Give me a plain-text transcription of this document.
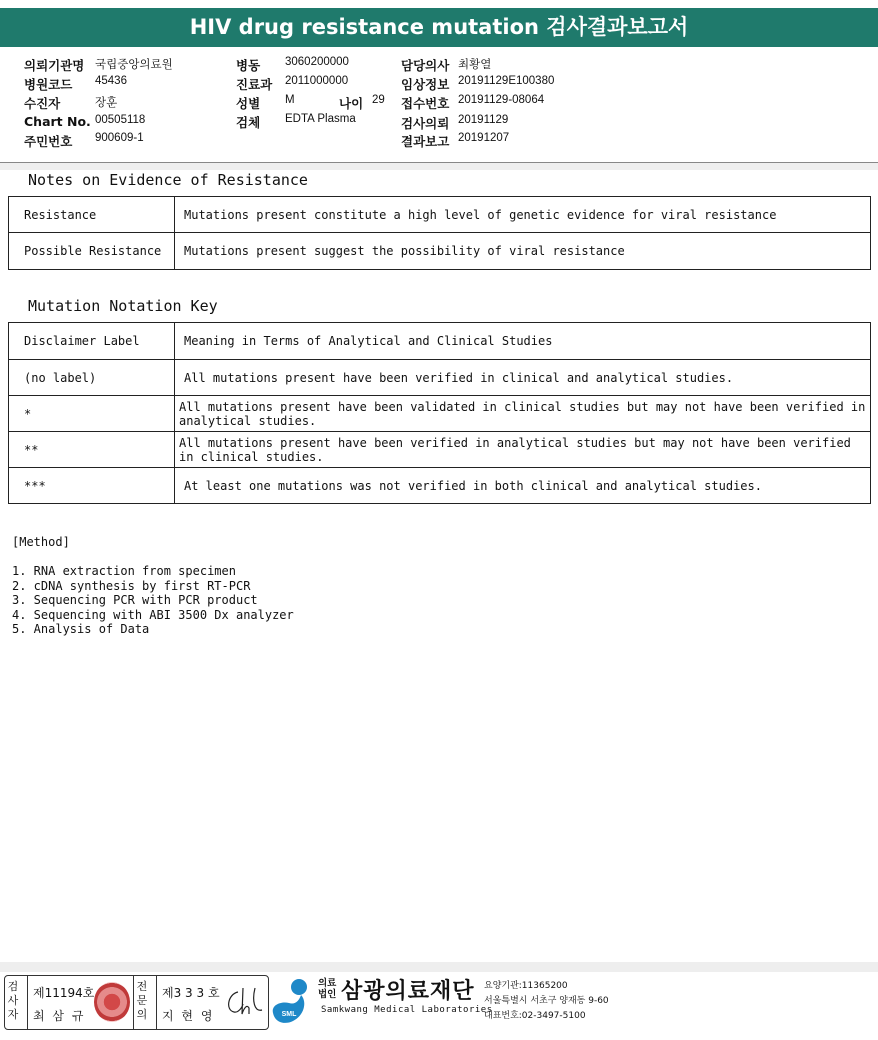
HIV drug resistance mutation 검사결과보고서
의뢰기관명 국립중앙의료원
병원코드 45436
수진자	장훈
Chart No. 00505118
주민번호 900609-1
병동 3060200000
진료과 2011000000
성별 M	나이 29
검체 EDTA Plasma
담당의사 최황열
임상정보 20191129E100380
접수번호 20191129-08064
검사의뢰 20191129
결과보고 20191207
Notes on Evidence of Resistance
Resistance	Mutations present constitute a high level of genetic evidence for viral resistance
Possible Resistance	Mutations present suggest the possibility of viral resistance
Mutation Notation Key
Disclaimer Label	Meaning in Terms of Analytical and Clinical Studies
(no label)	All mutations present have been verified in clinical and analytical studies.
*	All mutations present have been validated in clinical studies but may not have been verified in analytical studies.
**	All mutations present have been verified in analytical studies but may not have been verified in clinical studies.
***	At least one mutations was not verified in both clinical and analytical studies.
[Method]
1. RNA extraction from specimen
2. cDNA synthesis by first RT-PCR
3. Sequencing PCR with PCR product
4. Sequencing with ABI 3500 Dx analyzer
5. Analysis of Data
검
사
자
제11194호
최 삼 규
전
문
의
제3 3 3 호
지 현 영	SML
의료
법인 삼광의료재단
Samkwang Medical Laboratories
요양기관:11365200
서울특별시 서초구 양재동 9-60
대표번호:02-3497-5100
